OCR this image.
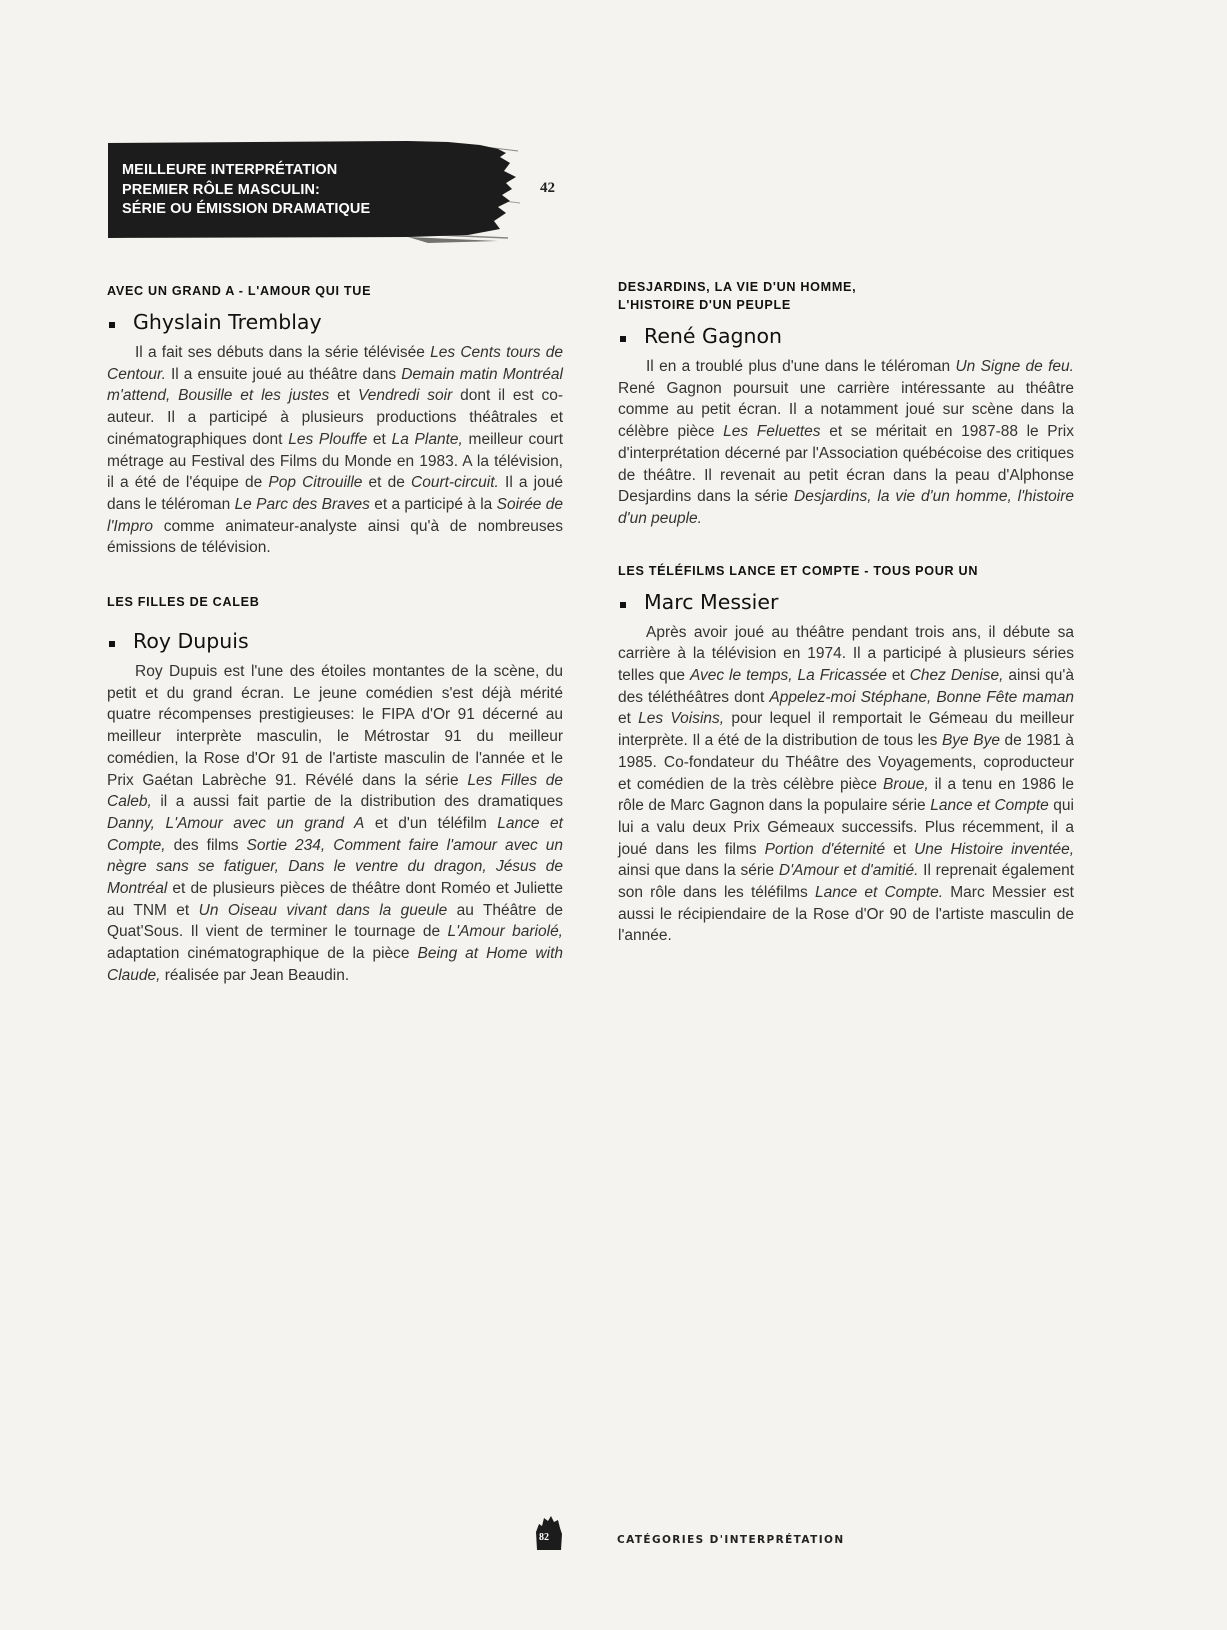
MEILLEURE INTERPRÉTATION
PREMIER RÔLE MASCULIN:
SÉRIE OU ÉMISSION DRAMATIQUE
42
AVEC UN GRAND A - L'AMOUR QUI TUE
Ghyslain Tremblay

Il a fait ses débuts dans la série télévisée Les Cents tours de Centour. Il a ensuite joué au théâtre dans Demain matin Montréal m'attend, Bousille et les justes et Vendredi soir dont il est co-auteur. Il a participé à plusieurs productions théâtrales et cinématographiques dont Les Plouffe et La Plante, meilleur court métrage au Festival des Films du Monde en 1983. A la télévision, il a été de l'équipe de Pop Citrouille et de Court-circuit. Il a joué dans le téléroman Le Parc des Braves et a participé à la Soirée de l'Impro comme animateur-analyste ainsi qu'à de nombreuses émissions de télévision.

LES FILLES DE CALEB
Roy Dupuis

Roy Dupuis est l'une des étoiles montantes de la scène, du petit et du grand écran. Le jeune comédien s'est déjà mérité quatre récompenses prestigieuses: le FIPA d'Or 91 décerné au meilleur interprète masculin, le Métrostar 91 du meilleur comédien, la Rose d'Or 91 de l'artiste masculin de l'année et le Prix Gaétan Labrèche 91. Révélé dans la série Les Filles de Caleb, il a aussi fait partie de la distribution des dramatiques Danny, L'Amour avec un grand A et d'un téléfilm Lance et Compte, des films Sortie 234, Comment faire l'amour avec un nègre sans se fatiguer, Dans le ventre du dragon, Jésus de Montréal et de plusieurs pièces de théâtre dont Roméo et Juliette au TNM et Un Oiseau vivant dans la gueule au Théâtre de Quat'Sous. Il vient de terminer le tournage de L'Amour bariolé, adaptation cinématographique de la pièce Being at Home with Claude, réalisée par Jean Beaudin.

DESJARDINS, LA VIE D'UN HOMME,
L'HISTOIRE D'UN PEUPLE
René Gagnon

Il en a troublé plus d'une dans le téléroman Un Signe de feu. René Gagnon poursuit une carrière intéressante au théâtre comme au petit écran. Il a notamment joué sur scène dans la célèbre pièce Les Feluettes et se méritait en 1987-88 le Prix d'interprétation décerné par l'Association québécoise des critiques de théâtre. Il revenait au petit écran dans la peau d'Alphonse Desjardins dans la série Desjardins, la vie d'un homme, l'histoire d'un peuple.

LES TÉLÉFILMS LANCE ET COMPTE - TOUS POUR UN
Marc Messier

Après avoir joué au théâtre pendant trois ans, il débute sa carrière à la télévision en 1974. Il a participé à plusieurs séries telles que Avec le temps, La Fricassée et Chez Denise, ainsi qu'à des téléthéâtres dont Appelez-moi Stéphane, Bonne Fête maman et Les Voisins, pour lequel il remportait le Gémeau du meilleur interprète. Il a été de la distribution de tous les Bye Bye de 1981 à 1985. Co-fondateur du Théâtre des Voyagements, coproducteur et comédien de la très célèbre pièce Broue, il a tenu en 1986 le rôle de Marc Gagnon dans la populaire série Lance et Compte qui lui a valu deux Prix Gémeaux successifs. Plus récemment, il a joué dans les films Portion d'éternité et Une Histoire inventée, ainsi que dans la série D'Amour et d'amitié. Il reprenait également son rôle dans les téléfilms Lance et Compte. Marc Messier est aussi le récipiendaire de la Rose d'Or 90 de l'artiste masculin de l'année.

82	CATÉGORIES D'INTERPRÉTATION
